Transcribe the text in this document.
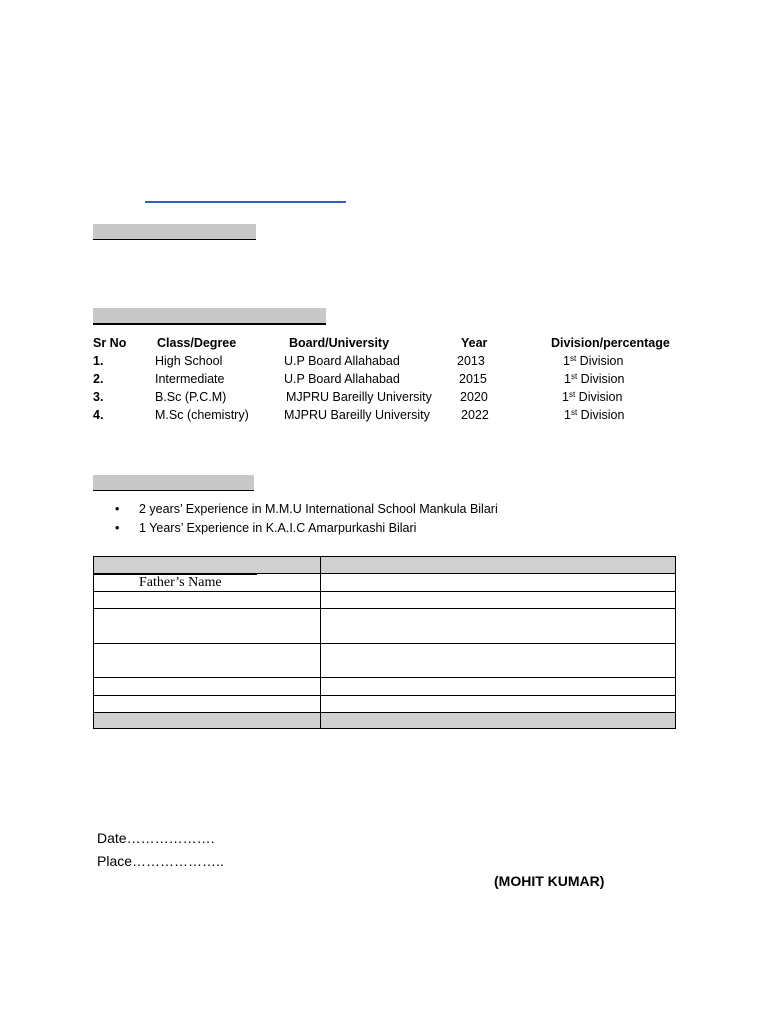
Sr No Class/Degree	Board/University	Year	Division/percentage
1.	High School	U.P Board Allahabad	2013	1st Division
2.	Intermediate	U.P Board Allahabad	2015	1st Division
3.	B.Sc (P.C.M)	MJPRU Bareilly University 2020	1st Division
4.	M.Sc (chemistry)	MJPRU Bareilly University 2022	1st Division
• 2 years’ Experience in M.M.U International School Mankula Bilari
• 1 Years’ Experience in K.A.I.C Amarpurkashi Bilari

Father’s Name	

Date……………….
Place………………..
(MOHIT KUMAR)
